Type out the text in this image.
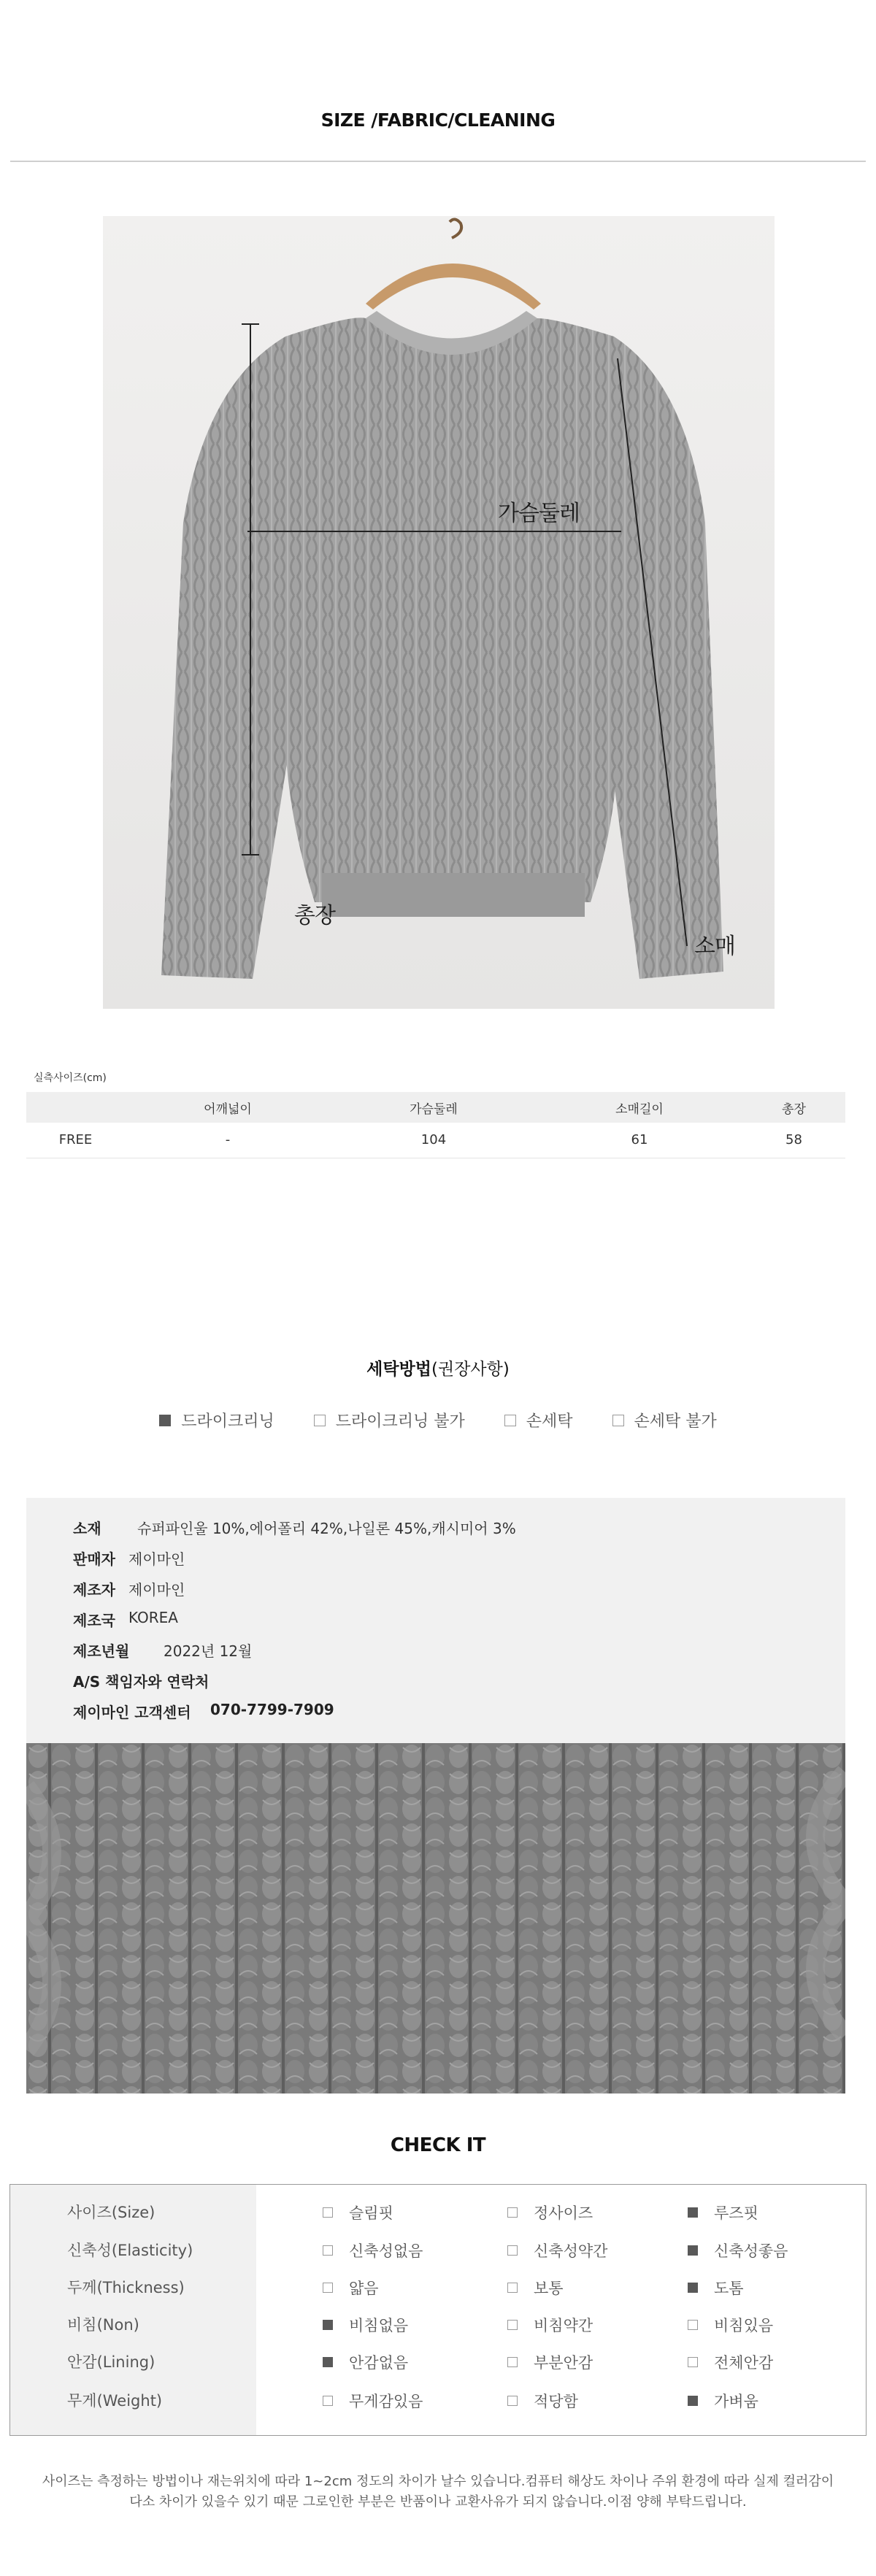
SIZE /FABRIC/CLEANING
가슴둘레
총장
소매
실측사이즈(cm)
	어깨넓이	가슴둘레	소매길이	총장
FREE	-	104	61	58
세탁방법(권장사항)
드라이크리닝	드라이크리닝 불가	손세탁	손세탁 불가
소재	슈퍼파인울 10%,에어폴리 42%,나일론 45%,캐시미어 3%
판매자 제이마인
제조자 제이마인
제조국 KOREA
제조년월	2022년 12월
A/S 책임자와 연락처
제이마인 고객센터	070-7799-7909
CHECK IT
사이즈(Size)	슬림핏	정사이즈	루즈핏
신축성(Elasticity)	신축성없음	신축성약간	신축성좋음
두께(Thickness)	얇음	보통	도톰
비침(Non)	비침없음	비침약간	비침있음
안감(Lining)	안감없음	부분안감	전체안감
무게(Weight)	무게감있음	적당함	가벼움
사이즈는 측정하는 방법이나 재는위치에 따라 1~2cm 정도의 차이가 날수 있습니다.컴퓨터 해상도 차이나 주위 환경에 따라 실제 컬러감이
다소 차이가 있을수 있기 때문 그로인한 부분은 반품이나 교환사유가 되지 않습니다.이점 양해 부탁드립니다.
